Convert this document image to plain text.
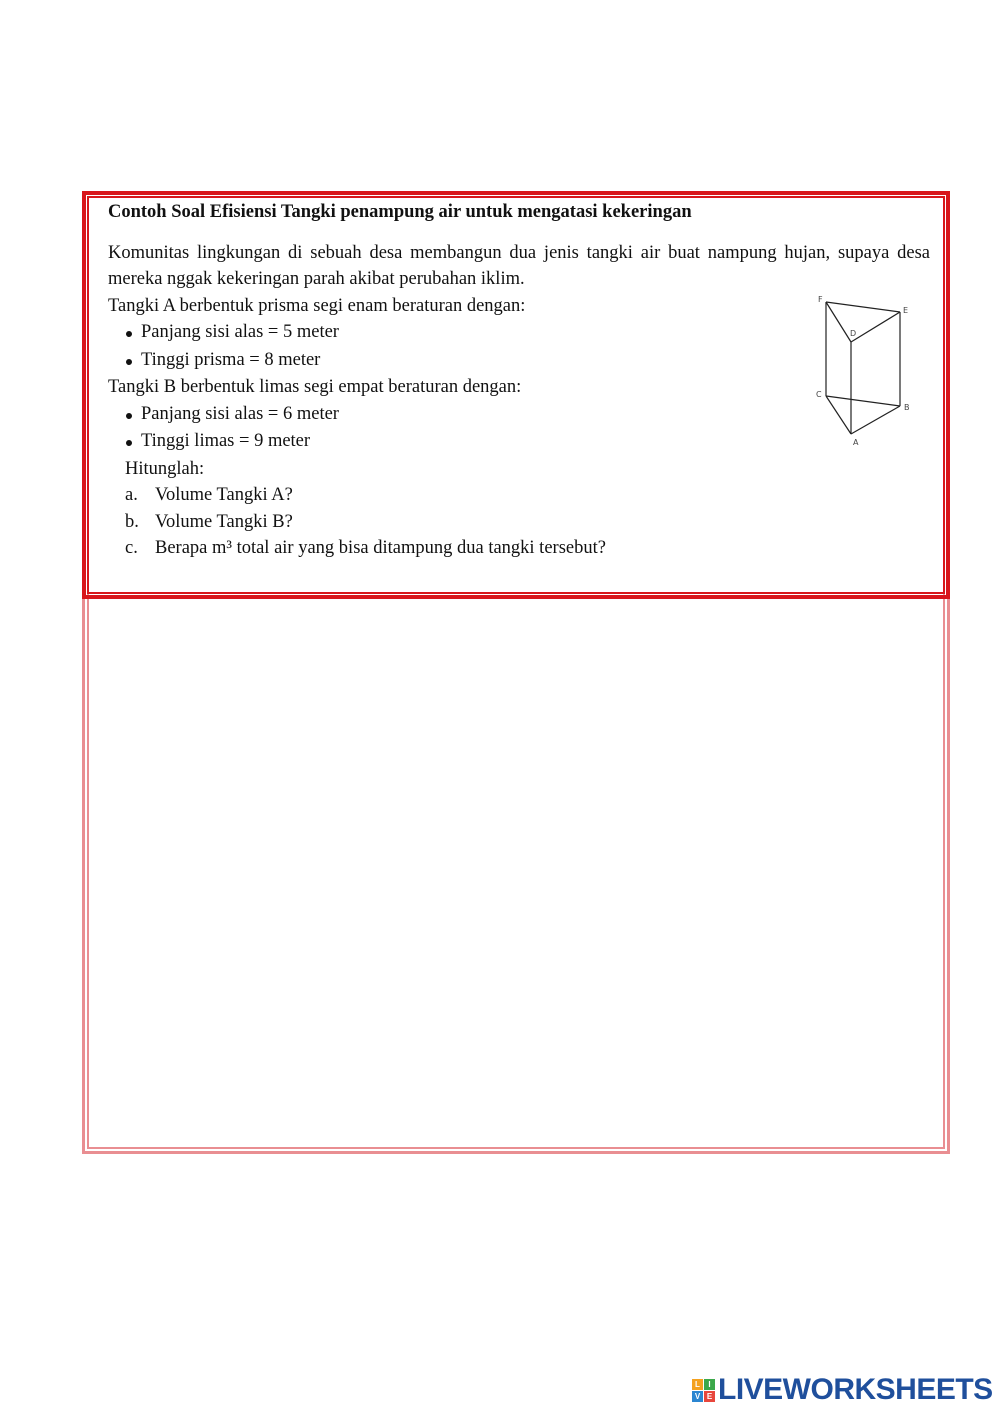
Contoh Soal Efisiensi Tangki penampung air untuk mengatasi kekeringan

Komunitas lingkungan di sebuah desa membangun dua jenis tangki air buat nampung hujan, supaya desa mereka nggak kekeringan parah akibat perubahan iklim.

Tangki A berbentuk prisma segi enam beraturan dengan:

Panjang sisi alas = 5 meter
Tinggi prisma = 8 meter

Tangki B berbentuk limas segi empat beraturan dengan:

Panjang sisi alas = 6 meter
Tinggi limas = 9 meter

Hitunglah:

a. Volume Tangki A?
b. Volume Tangki B?
c. Berapa m³ total air yang bisa ditampung dua tangki tersebut?
F
E
D
C
B
A
L	I
V E LIVEWORKSHEETS
